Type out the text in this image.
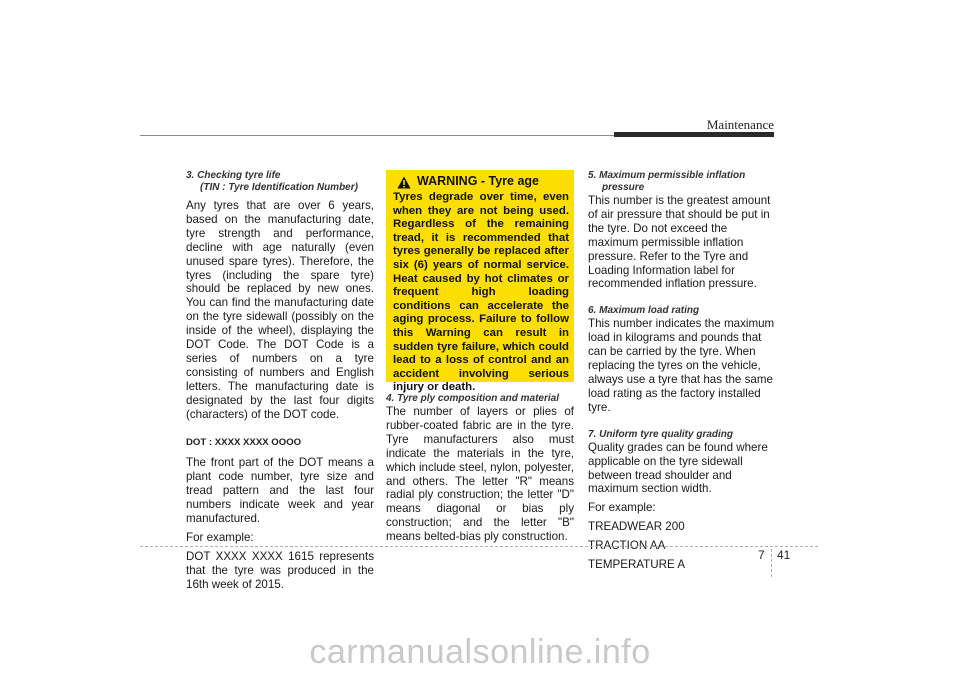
Maintenance
3. Checking tyre life
(TIN : Tyre Identification Number)

Any tyres that are over 6 years, based on the manufacturing date, tyre strength and performance, decline with age naturally (even unused spare tyres). Therefore, the tyres (including the spare tyre) should be replaced by new ones. You can find the manufacturing date on the tyre sidewall (possibly on the inside of the wheel), displaying the DOT Code. The DOT Code is a series of numbers on a tyre consisting of numbers and English letters. The manufacturing date is designated by the last four digits (characters) of the DOT code.

DOT : XXXX XXXX OOOO

The front part of the DOT means a plant code number, tyre size and tread pattern and the last four numbers indicate week and year manufactured.

For example:

DOT XXXX XXXX 1615 represents that the tyre was produced in the 16th week of 2015.

WARNING - Tyre age

Tyres degrade over time, even when they are not being used. Regardless of the remaining tread, it is recommended that tyres generally be replaced after six (6) years of normal service. Heat caused by hot climates or frequent high loading conditions can accelerate the aging process. Failure to follow this Warning can result in sudden tyre failure, which could lead to a loss of control and an accident involving serious injury or death.

4. Tyre ply composition and material

The number of layers or plies of rubber-coated fabric are in the tyre. Tyre manufacturers also must indicate the materials in the tyre, which include steel, nylon, polyester, and others. The letter "R" means radial ply construction; the letter "D" means diagonal or bias ply construction; and the letter "B" means belted-bias ply construction.

5. Maximum permissible inflation
pressure

This number is the greatest amount of air pressure that should be put in the tyre. Do not exceed the maximum permissible inflation pressure. Refer to the Tyre and Loading Information label for recommended inflation pressure.

6. Maximum load rating

This number indicates the maximum load in kilograms and pounds that can be carried by the tyre. When replacing the tyres on the vehicle, always use a tyre that has the same load rating as the factory installed tyre.

7. Uniform tyre quality grading

Quality grades can be found where applicable on the tyre sidewall between tread shoulder and maximum section width.

For example:

TREADWEAR 200

TRACTION AA

TEMPERATURE A

7 41
carmanualsonline.info
